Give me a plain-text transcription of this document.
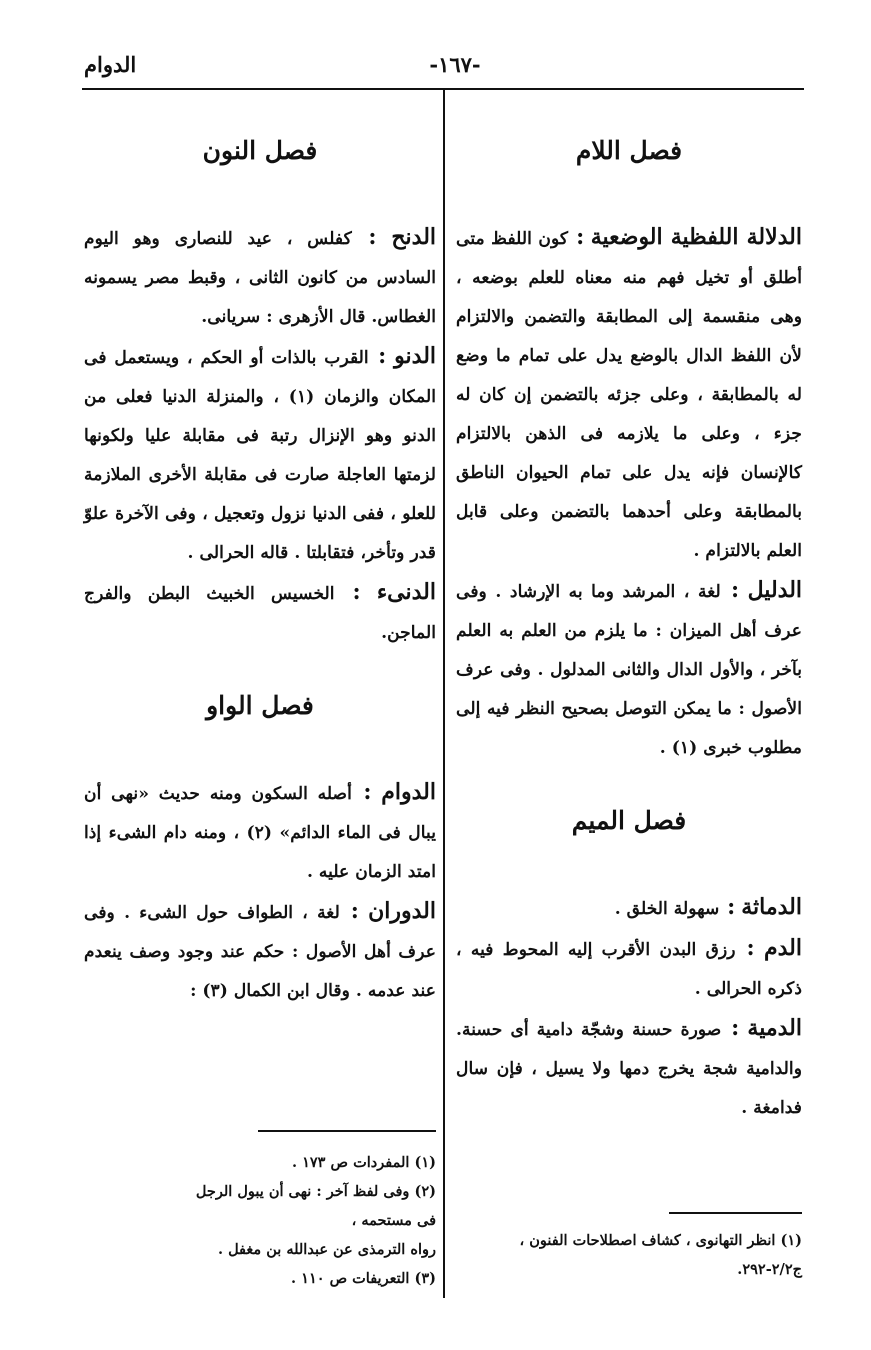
الدوام	-١٦٧-
فصل اللام

الدلالة اللفظية الوضعية : كون اللفظ متى أطلق أو تخيل فهم منه معناه للعلم بوضعه ، وهى منقسمة إلى المطابقة والتضمن والالتزام لأن اللفظ الدال بالوضع يدل على تمام ما وضع له بالمطابقة ، وعلى جزئه بالتضمن إن كان له جزء ، وعلى ما يلازمه فى الذهن بالالتزام كالإنسان فإنه يدل على تمام الحيوان الناطق بالمطابقة وعلى أحدهما بالتضمن وعلى قابل العلم بالالتزام .

الدليل : لغة ، المرشد وما به الإرشاد . وفى عرف أهل الميزان : ما يلزم من العلم به العلم بآخر ، والأول الدال والثانى المدلول . وفى عرف الأصول : ما يمكن التوصل بصحيح النظر فيه إلى مطلوب خبرى (١) .

فصل الميم

الدماثة : سهولة الخلق .

الدم : رزق البدن الأقرب إليه المحوط فيه ، ذكره الحرالى .

الدمية : صورة حسنة وشجّة دامية أى حسنة. والدامية شجة يخرج دمها ولا يسيل ، فإن سال فدامغة .

فصل النون

الدنح : كفلس ، عيد للنصارى وهو اليوم السادس من كانون الثانى ، وقبط مصر يسمونه الغطاس. قال الأزهرى : سريانى.

الدنو : القرب بالذات أو الحكم ، ويستعمل فى المكان والزمان (١) ، والمنزلة الدنيا فعلى من الدنو وهو الإنزال رتبة فى مقابلة عليا ولكونها لزمتها العاجلة صارت فى مقابلة الأخرى الملازمة للعلو ، ففى الدنيا نزول وتعجيل ، وفى الآخرة علوّ قدر وتأخر، فتقابلتا . قاله الحرالى .

الدنىء : الخسيس الخبيث البطن والفرج الماجن.

فصل الواو

الدوام : أصله السكون ومنه حديث «نهى أن يبال فى الماء الدائم» (٢) ، ومنه دام الشىء إذا امتد الزمان عليه .

الدوران : لغة ، الطواف حول الشىء . وفى عرف أهل الأصول : حكم عند وجود وصف ينعدم عند عدمه . وقال ابن الكمال (٣) :

(١) انظر التهانوى ، كشاف اصطلاحات الفنون ،

ج٢/٢-٢٩٢.

(١) المفردات ص ١٧٣ .

(٢) وفى لفظ آخر : نهى أن يبول الرجل فى مستحمه ،

رواه الترمذى عن عبدالله بن مغفل .

(٣) التعريفات ص ١١٠ .
